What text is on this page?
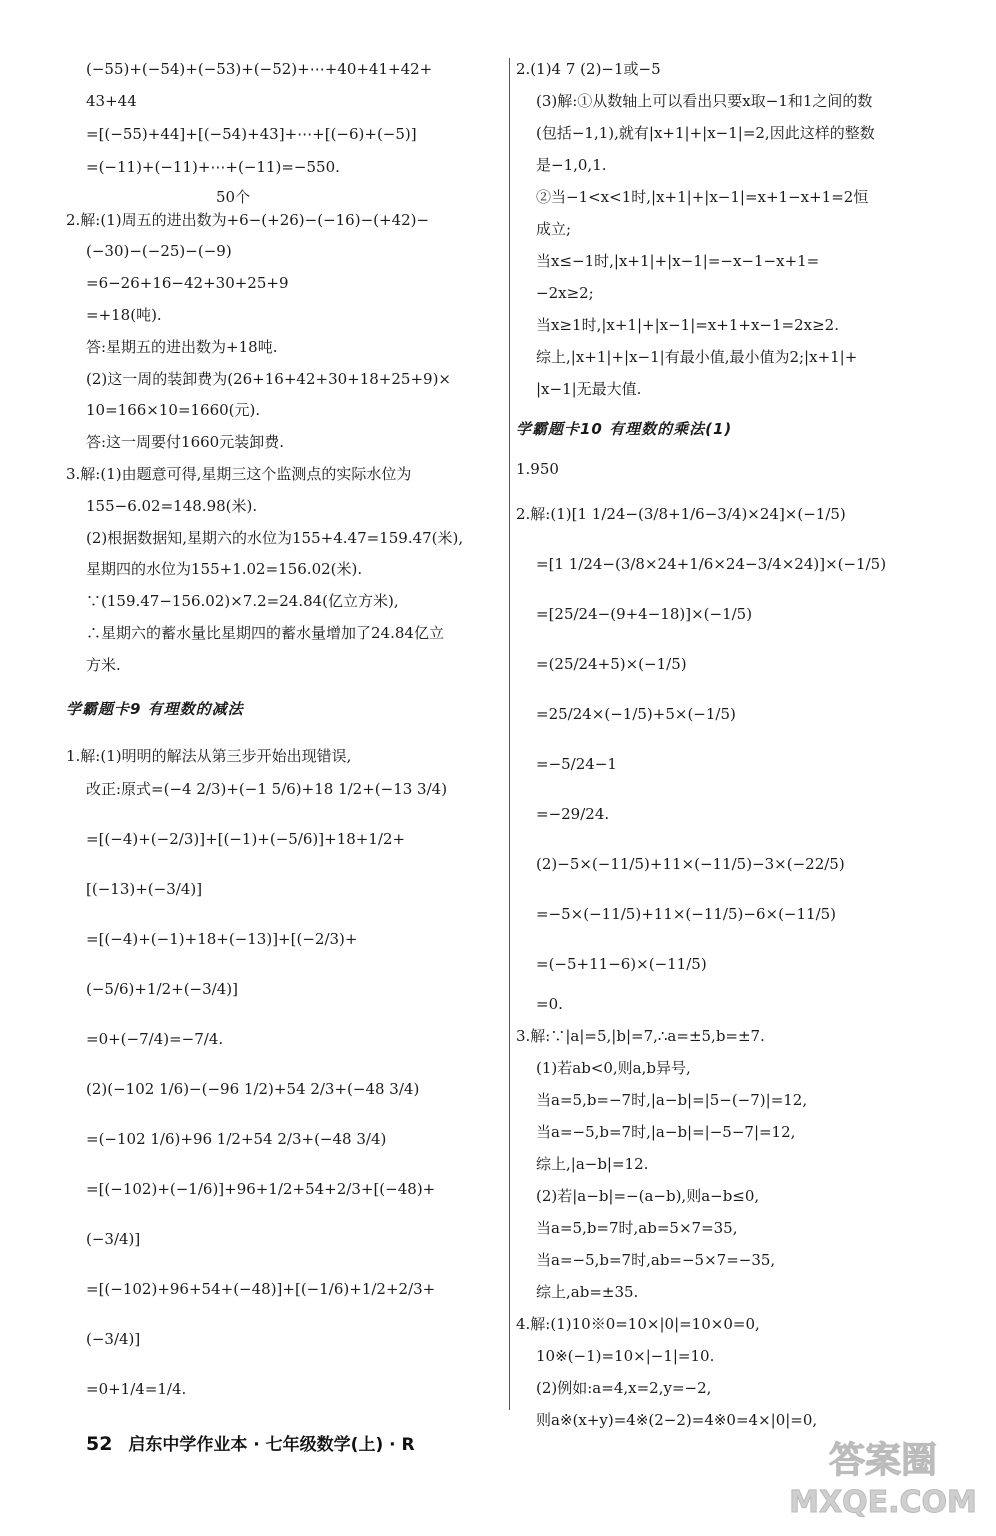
(−55)+(−54)+(−53)+(−52)+⋯+40+41+42+
43+44
=[(−55)+44]+[(−54)+43]+⋯+[(−6)+(−5)]
=(−11)+(−11)+⋯+(−11)=−550.
50个
2.解:(1)周五的进出数为+6−(+26)−(−16)−(+42)−
(−30)−(−25)−(−9)
=6−26+16−42+30+25+9
=+18(吨).
答:星期五的进出数为+18吨.
(2)这一周的装卸费为(26+16+42+30+18+25+9)×
10=166×10=1660(元).
答:这一周要付1660元装卸费.
3.解:(1)由题意可得,星期三这个监测点的实际水位为
155−6.02=148.98(米).
(2)根据数据知,星期六的水位为155+4.47=159.47(米),
星期四的水位为155+1.02=156.02(米).
∵(159.47−156.02)×7.2=24.84(亿立方米),
∴星期六的蓄水量比星期四的蓄水量增加了24.84亿立
方米.
学霸题卡9 有理数的减法
1.解:(1)明明的解法从第三步开始出现错误,
改正:原式=(−4 2/3)+(−1 5/6)+18 1/2+(−13 3/4)
=[(−4)+(−2/3)]+[(−1)+(−5/6)]+18+1/2+
[(−13)+(−3/4)]
=[(−4)+(−1)+18+(−13)]+[(−2/3)+
(−5/6)+1/2+(−3/4)]
=0+(−7/4)=−7/4.
(2)(−102 1/6)−(−96 1/2)+54 2/3+(−48 3/4)
=(−102 1/6)+96 1/2+54 2/3+(−48 3/4)
=[(−102)+(−1/6)]+96+1/2+54+2/3+[(−48)+
(−3/4)]
=[(−102)+96+54+(−48)]+[(−1/6)+1/2+2/3+
(−3/4)]
=0+1/4=1/4.
2.(1)4 7 (2)−1或−5
(3)解:①从数轴上可以看出只要x取−1和1之间的数
(包括−1,1),就有|x+1|+|x−1|=2,因此这样的整数
是−1,0,1.
②当−1<x<1时,|x+1|+|x−1|=x+1−x+1=2恒
成立;
当x≤−1时,|x+1|+|x−1|=−x−1−x+1=
−2x≥2;
当x≥1时,|x+1|+|x−1|=x+1+x−1=2x≥2.
综上,|x+1|+|x−1|有最小值,最小值为2;|x+1|+
|x−1|无最大值.
学霸题卡10 有理数的乘法(1)
1.950
2.解:(1)[1 1/24−(3/8+1/6−3/4)×24]×(−1/5)
=[1 1/24−(3/8×24+1/6×24−3/4×24)]×(−1/5)
=[25/24−(9+4−18)]×(−1/5)
=(25/24+5)×(−1/5)
=25/24×(−1/5)+5×(−1/5)
=−5/24−1
=−29/24.
(2)−5×(−11/5)+11×(−11/5)−3×(−22/5)
=−5×(−11/5)+11×(−11/5)−6×(−11/5)
=(−5+11−6)×(−11/5)
=0.
3.解:∵|a|=5,|b|=7,∴a=±5,b=±7.
(1)若ab<0,则a,b异号,
当a=5,b=−7时,|a−b|=|5−(−7)|=12,
当a=−5,b=7时,|a−b|=|−5−7|=12,
综上,|a−b|=12.
(2)若|a−b|=−(a−b),则a−b≤0,
当a=5,b=7时,ab=5×7=35,
当a=−5,b=7时,ab=−5×7=−35,
综上,ab=±35.
4.解:(1)10※0=10×|0|=10×0=0,
10※(−1)=10×|−1|=10.
(2)例如:a=4,x=2,y=−2,
则a※(x+y)=4※(2−2)=4※0=4×|0|=0,
52 启东中学作业本 · 七年级数学(上) · R	答案圈
MXQE.COM
